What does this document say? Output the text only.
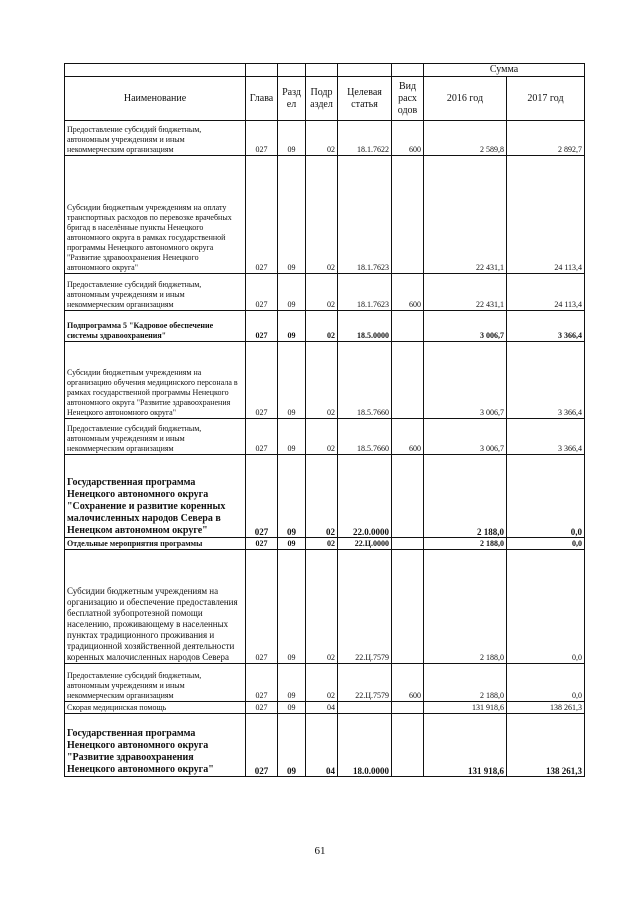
						Сумма	
Наименование	Глава	Разд ел	Подр аздел	Целевая статья	Вид расх одов	2016 год	2017 год
Предоставление субсидий бюджетным, автономным учреждениям и иным некоммерческим организациям	027	09	02	18.1.7622	600	2 589,8	2 892,7
Субсидии бюджетным учреждениям на оплату транспортных расходов по перевозке врачебных бригад в населённые пункты Ненецкого автономного округа в рамках государственной программы Ненецкого автономного округа "Развитие здравоохранения Ненецкого автономного округа"	027	09	02	18.1.7623		22 431,1	24 113,4
Предоставление субсидий бюджетным, автономным учреждениям и иным некоммерческим организациям	027	09	02	18.1.7623	600	22 431,1	24 113,4
Подпрограмма 5 "Кадровое обеспечение системы здравоохранения"	027	09	02	18.5.0000		3 006,7	3 366,4
Субсидии бюджетным учреждениям на организацию обучения медицинского персонала в рамках государственной программы Ненецкого автономного округа "Развитие здравоохранения Ненецкого автономного округа"	027	09	02	18.5.7660		3 006,7	3 366,4
Предоставление субсидий бюджетным, автономным учреждениям и иным некоммерческим организациям	027	09	02	18.5.7660	600	3 006,7	3 366,4
Государственная программа Ненецкого автономного округа "Сохранение и развитие коренных малочисленных народов Севера в Ненецком автономном округе"	027	09	02	22.0.0000		2 188,0	0,0
Отдельные мероприятия программы	027	09	02	22.Ц.0000		2 188,0	0,0
Субсидии бюджетным учреждениям на организацию и обеспечение предоставления бесплатной зубопротезной помощи населению, проживающему в населенных пунктах традиционного проживания и традиционной хозяйственной деятельности коренных малочисленных народов Севера	027	09	02	22.Ц.7579		2 188,0	0,0
Предоставление субсидий бюджетным, автономным учреждениям и иным некоммерческим организациям	027	09	02	22.Ц.7579	600	2 188,0	0,0
Скорая медицинская помощь	027	09	04			131 918,6	138 261,3
Государственная программа Ненецкого автономного округа "Развитие здравоохранения Ненецкого автономного округа"	027	09	04	18.0.0000		131 918,6	138 261,3
61
